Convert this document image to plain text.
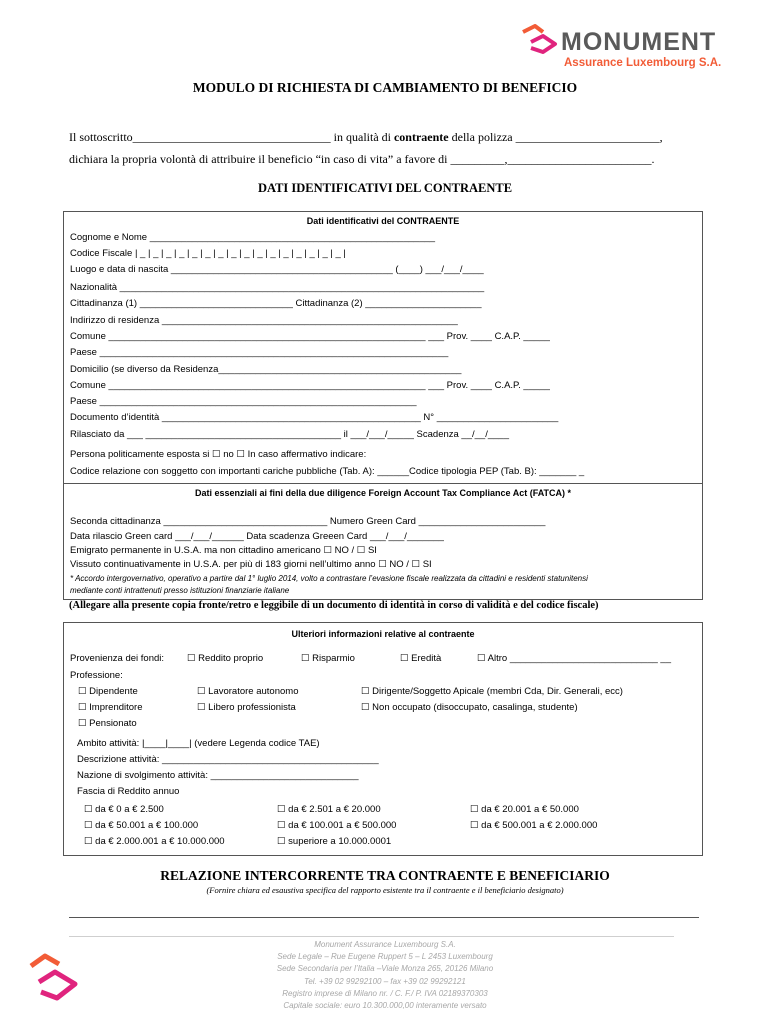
MONUMENT
Assurance Luxembourg S.A.
MODULO DI RICHIESTA DI CAMBIAMENTO DI BENEFICIO
Il sottoscritto_________________________________ in qualità di contraente della polizza ________________________,
dichiara la propria volontà di attribuire il beneficio “in caso di vita” a favore di _________,________________________.
DATI IDENTIFICATIVI DEL CONTRAENTE
Dati identificativi del CONTRAENTE
Cognome e Nome ______________________________________________________
Codice Fiscale | _ | _ | _ | _ | _ | _ | _ | _ | _ | _ | _ | _ | _ | _ | _ | _ |
Luogo e data di nascita __________________________________________ (____) ___/___/____
Nazionalità _____________________________________________________________________
Cittadinanza (1) _____________________________ Cittadinanza (2) ______________________
Indirizzo di residenza ________________________________________________________
Comune ____________________________________________________________ ___ Prov. ____ C.A.P. _____
Paese __________________________________________________________________
Domicilio (se diverso da Residenza______________________________________________
Comune ____________________________________________________________ ___ Prov. ____ C.A.P. _____
Paese ____________________________________________________________
Documento d’identità _________________________________________________ N° _______________________
Rilasciato da ___ _____________________________________ il ___/___/_____ Scadenza __/__/____
Persona politicamente esposta si ☐ no ☐ In caso affermativo indicare:
Codice relazione con soggetto con importanti cariche pubbliche (Tab. A): ______Codice tipologia PEP (Tab. B): _______ _
Dati essenziali ai fini della due diligence Foreign Account Tax Compliance Act (FATCA) *
Seconda cittadinanza _______________________________ Numero Green Card ________________________
Data rilascio Green card ___/___/______ Data scadenza Greeen Card ___/___/_______
Emigrato permanente in U.S.A. ma non cittadino americano ☐ NO / ☐ SI
Vissuto continuativamente in U.S.A. per più di 183 giorni nell’ultimo anno ☐ NO / ☐ SI
* Accordo intergovernativo, operativo a partire dal 1° luglio 2014, volto a contrastare l’evasione fiscale realizzata da cittadini e residenti statunitensi
mediante conti intrattenuti presso istituzioni finanziarie italiane
(Allegare alla presente copia fronte/retro e leggibile di un documento di identità in corso di validità e del codice fiscale)
Ulteriori informazioni relative al contraente
Provenienza dei fondi: ☐ Reddito proprio	☐ Risparmio	☐ Eredità	☐ Altro ____________________________ __
Professione:
☐ Dipendente	☐ Lavoratore autonomo	☐ Dirigente/Soggetto Apicale (membri Cda, Dir. Generali, ecc)
☐ Imprenditore	☐ Libero professionista	☐ Non occupato (disoccupato, casalinga, studente)
☐ Pensionato
Ambito attività: |____|____| (vedere Legenda codice TAE)
Descrizione attività: _________________________________________
Nazione di svolgimento attività: ____________________________
Fascia di Reddito annuo
☐ da € 0 a € 2.500	☐ da € 2.501 a € 20.000	☐ da € 20.001 a € 50.000
☐ da € 50.001 a € 100.000	☐ da € 100.001 a € 500.000	☐ da € 500.001 a € 2.000.000
☐ da € 2.000.001 a € 10.000.000	☐ superiore a 10.000.0001
RELAZIONE INTERCORRENTE TRA CONTRAENTE E BENEFICIARIO
(Fornire chiara ed esaustiva specifica del rapporto esistente tra il contraente e il beneficiario designato)
Monument Assurance Luxembourg S.A.
Sede Legale – Rue Eugene Ruppert 5 – L 2453 Luxembourg
Sede Secondaria per l’Italia –Viale Monza 265, 20126 Milano
Tel. +39 02 99292100 – fax +39 02 99292121
Registro imprese di Milano nr. / C. F./ P. IVA 02189370303
Capitale sociale: euro 10.300.000,00 interamente versato
